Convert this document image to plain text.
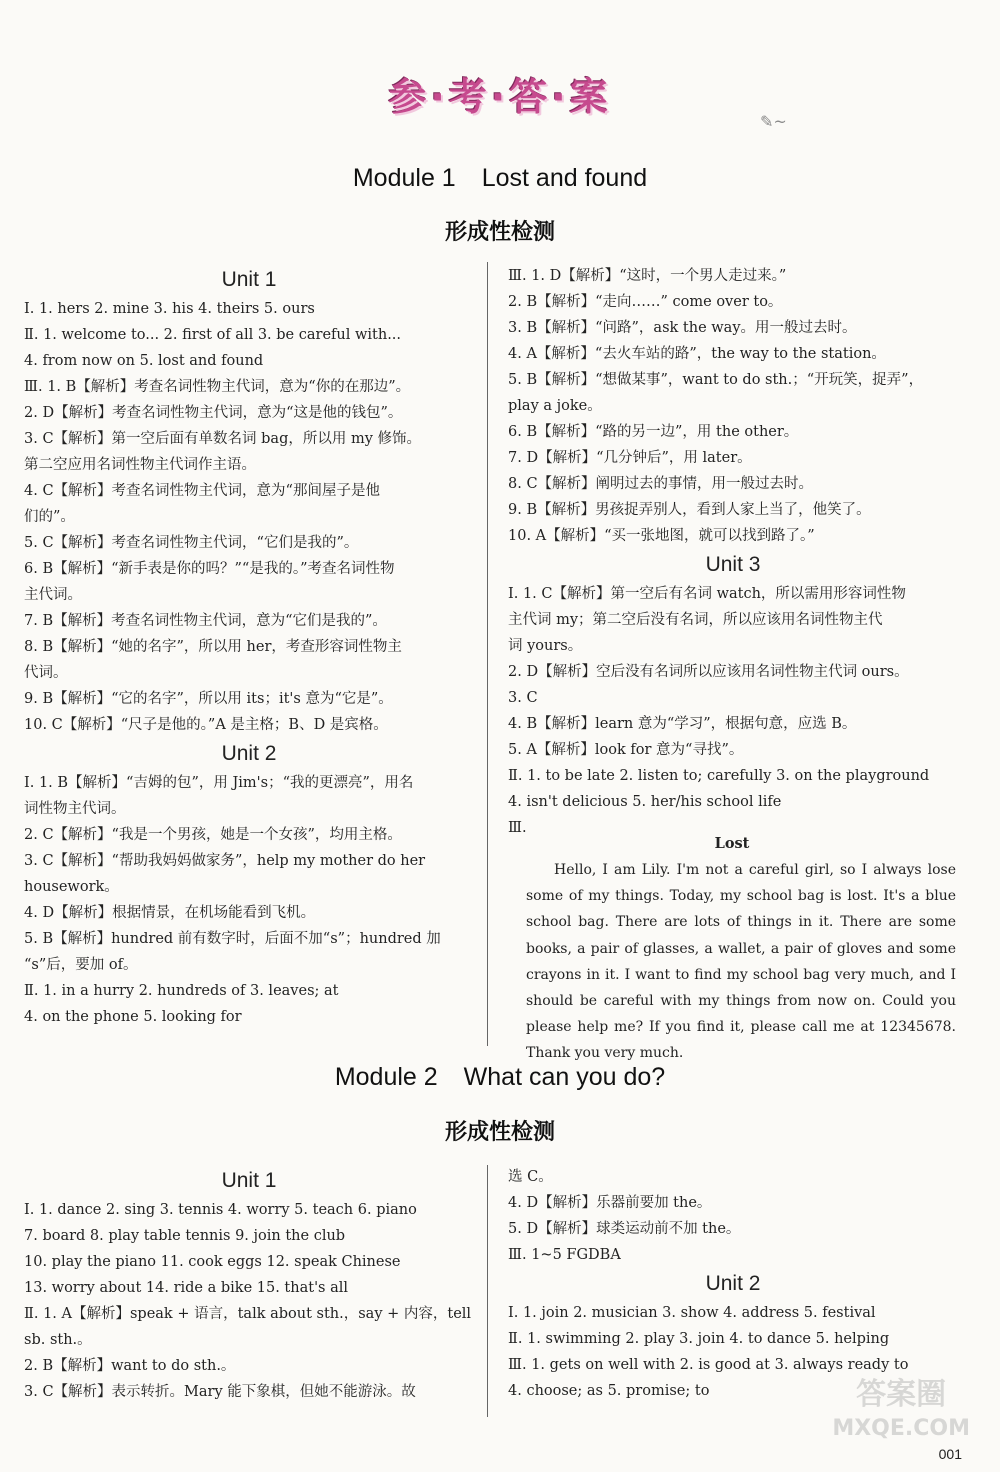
参·考·答·案
✎~
Module 1 Lost and found
形成性检测
Unit 1
Ⅰ. 1. hers 2. mine 3. his 4. theirs 5. ours
Ⅱ. 1. welcome to... 2. first of all 3. be careful with...
4. from now on 5. lost and found
Ⅲ. 1. B【解析】考查名词性物主代词，意为“你的在那边”。
2. D【解析】考查名词性物主代词，意为“这是他的钱包”。
3. C【解析】第一空后面有单数名词 bag，所以用 my 修饰。
第二空应用名词性物主代词作主语。
4. C【解析】考查名词性物主代词，意为“那间屋子是他
们的”。
5. C【解析】考查名词性物主代词，“它们是我的”。
6. B【解析】“新手表是你的吗？”“是我的。”考查名词性物
主代词。
7. B【解析】考查名词性物主代词，意为“它们是我的”。
8. B【解析】“她的名字”，所以用 her，考查形容词性物主
代词。
9. B【解析】“它的名字”，所以用 its；it's 意为“它是”。
10. C【解析】“尺子是他的。”A 是主格；B、D 是宾格。
Unit 2
Ⅰ. 1. B【解析】“吉姆的包”，用 Jim's；“我的更漂亮”，用名
词性物主代词。
2. C【解析】“我是一个男孩，她是一个女孩”，均用主格。
3. C【解析】“帮助我妈妈做家务”，help my mother do her
housework。
4. D【解析】根据情景，在机场能看到飞机。
5. B【解析】hundred 前有数字时，后面不加“s”；hundred 加
“s”后，要加 of。
Ⅱ. 1. in a hurry 2. hundreds of 3. leaves; at
4. on the phone 5. looking for
Ⅲ. 1. D【解析】“这时，一个男人走过来。”
2. B【解析】“走向……” come over to。
3. B【解析】“问路”，ask the way。用一般过去时。
4. A【解析】“去火车站的路”，the way to the station。
5. B【解析】“想做某事”，want to do sth.；“开玩笑，捉弄”，
play a joke。
6. B【解析】“路的另一边”，用 the other。
7. D【解析】“几分钟后”，用 later。
8. C【解析】阐明过去的事情，用一般过去时。
9. B【解析】男孩捉弄别人，看到人家上当了，他笑了。
10. A【解析】“买一张地图，就可以找到路了。”
Unit 3
Ⅰ. 1. C【解析】第一空后有名词 watch，所以需用形容词性物
主代词 my；第二空后没有名词，所以应该用名词性物主代
词 yours。
2. D【解析】空后没有名词所以应该用名词性物主代词 ours。
3. C
4. B【解析】learn 意为“学习”，根据句意，应选 B。
5. A【解析】look for 意为“寻找”。
Ⅱ. 1. to be late 2. listen to; carefully 3. on the playground
4. isn't delicious 5. her/his school life
Ⅲ.
Lost

Hello, I am Lily. I'm not a careful girl, so I always lose some of my things. Today, my school bag is lost. It's a blue school bag. There are lots of things in it. There are some books, a pair of glasses, a wallet, a pair of gloves and some crayons in it. I want to find my school bag very much, and I should be careful with my things from now on. Could you please help me? If you find it, please call me at 12345678. Thank you very much.

Module 2 What can you do?
形成性检测
Unit 1
Ⅰ. 1. dance 2. sing 3. tennis 4. worry 5. teach 6. piano
7. board 8. play table tennis 9. join the club
10. play the piano 11. cook eggs 12. speak Chinese
13. worry about 14. ride a bike 15. that's all
Ⅱ. 1. A【解析】speak + 语言，talk about sth.，say + 内容，tell
sb. sth.。
2. B【解析】want to do sth.。
3. C【解析】表示转折。Mary 能下象棋，但她不能游泳。故
选 C。
4. D【解析】乐器前要加 the。
5. D【解析】球类运动前不加 the。
Ⅲ. 1~5 FGDBA
Unit 2
Ⅰ. 1. join 2. musician 3. show 4. address 5. festival
Ⅱ. 1. swimming 2. play 3. join 4. to dance 5. helping
Ⅲ. 1. gets on well with 2. is good at 3. always ready to
4. choose; as 5. promise; to	答案圈
MXQE.COM
001
